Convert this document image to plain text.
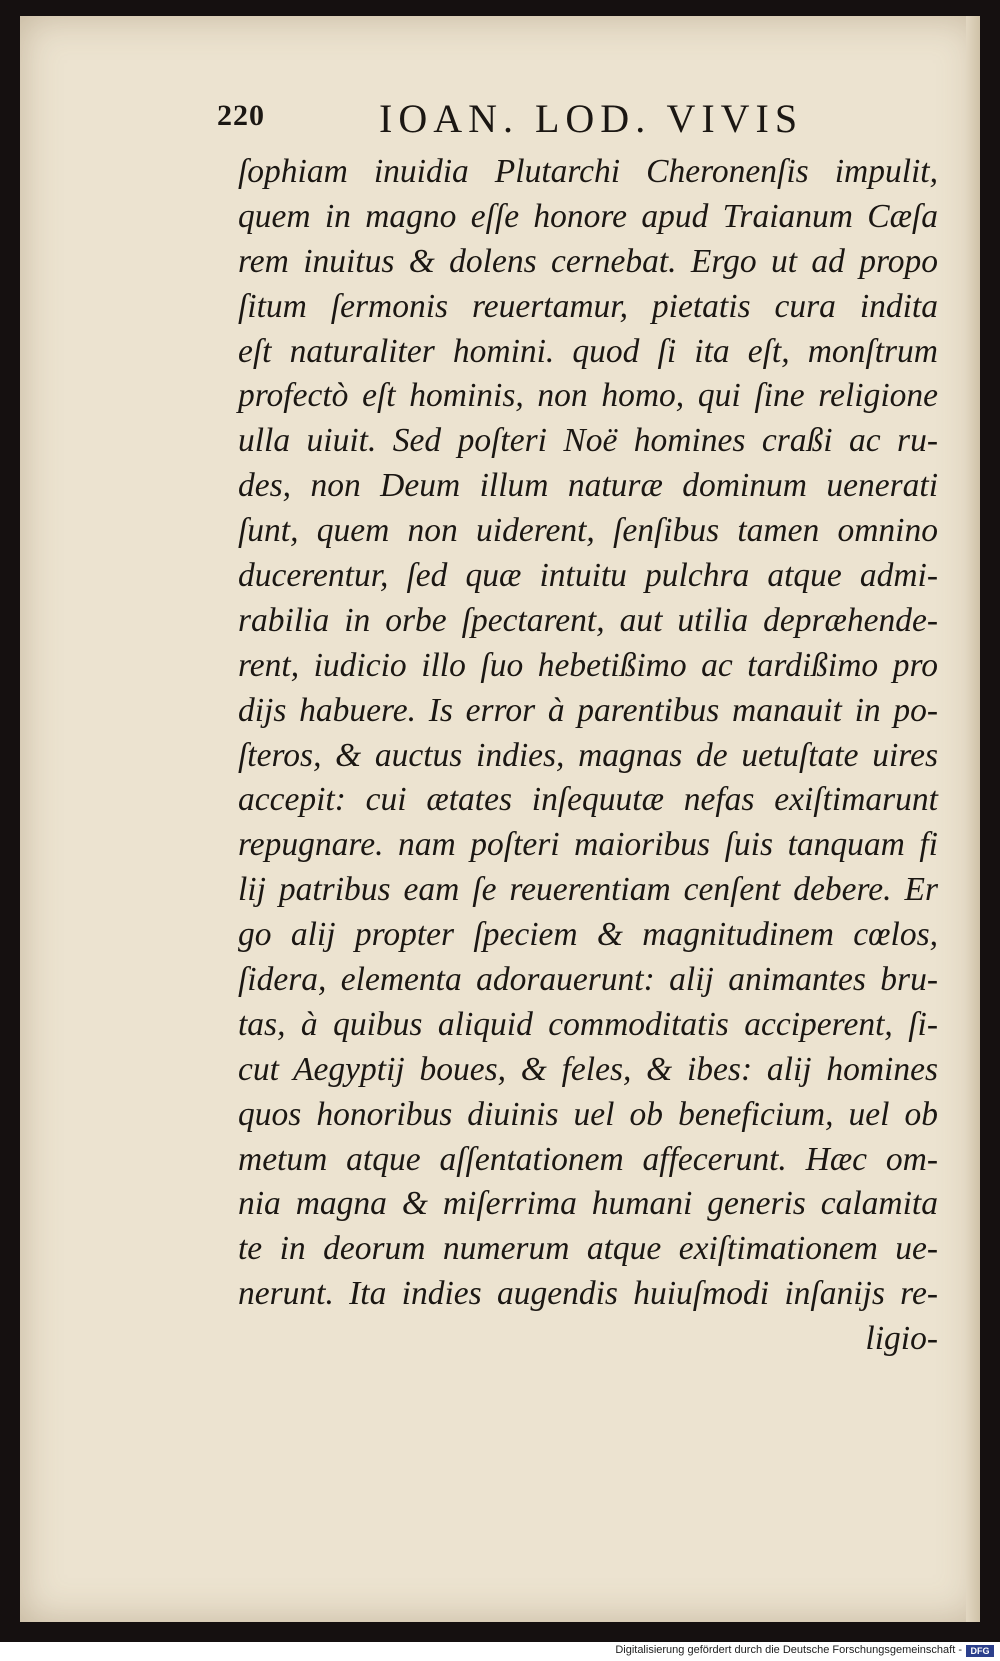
220	IOAN. LOD. VIVIS
ſophiam inuidia Plutarchi Cheronenſis impulit,
quem in magno eſſe honore apud Traianum Cæſa
rem inuitus & dolens cernebat. Ergo ut ad propo
ſitum ſermonis reuertamur, pietatis cura indita
eſt naturaliter homini. quod ſi ita eſt, monſtrum
profectò eſt hominis, non homo, qui ſine religione
ulla uiuit. Sed poſteri Noë homines craßi ac ru-
des, non Deum illum naturæ dominum uenerati
ſunt, quem non uiderent, ſenſibus tamen omnino
ducerentur, ſed quæ intuitu pulchra atque admi-
rabilia in orbe ſpectarent, aut utilia depræhende-
rent, iudicio illo ſuo hebetißimo ac tardißimo pro
dijs habuere. Is error à parentibus manauit in po-
ſteros, & auctus indies, magnas de uetuſtate uires
accepit: cui ætates inſequutæ nefas exiſtimarunt
repugnare. nam poſteri maioribus ſuis tanquam fi
lij patribus eam ſe reuerentiam cenſent debere. Er
go alij propter ſpeciem & magnitudinem cœlos,
ſidera, elementa adorauerunt: alij animantes bru-
tas, à quibus aliquid commoditatis acciperent, ſi-
cut Aegyptij boues, & feles, & ibes: alij homines
quos honoribus diuinis uel ob beneficium, uel ob
metum atque aſſentationem affecerunt. Hæc om-
nia magna & miſerrima humani generis calamita
te in deorum numerum atque exiſtimationem ue-
nerunt. Ita indies augendis huiuſmodi inſanijs re-
ligio-
Digitalisierung gefördert durch die Deutsche Forschungsgemeinschaft - DFG
